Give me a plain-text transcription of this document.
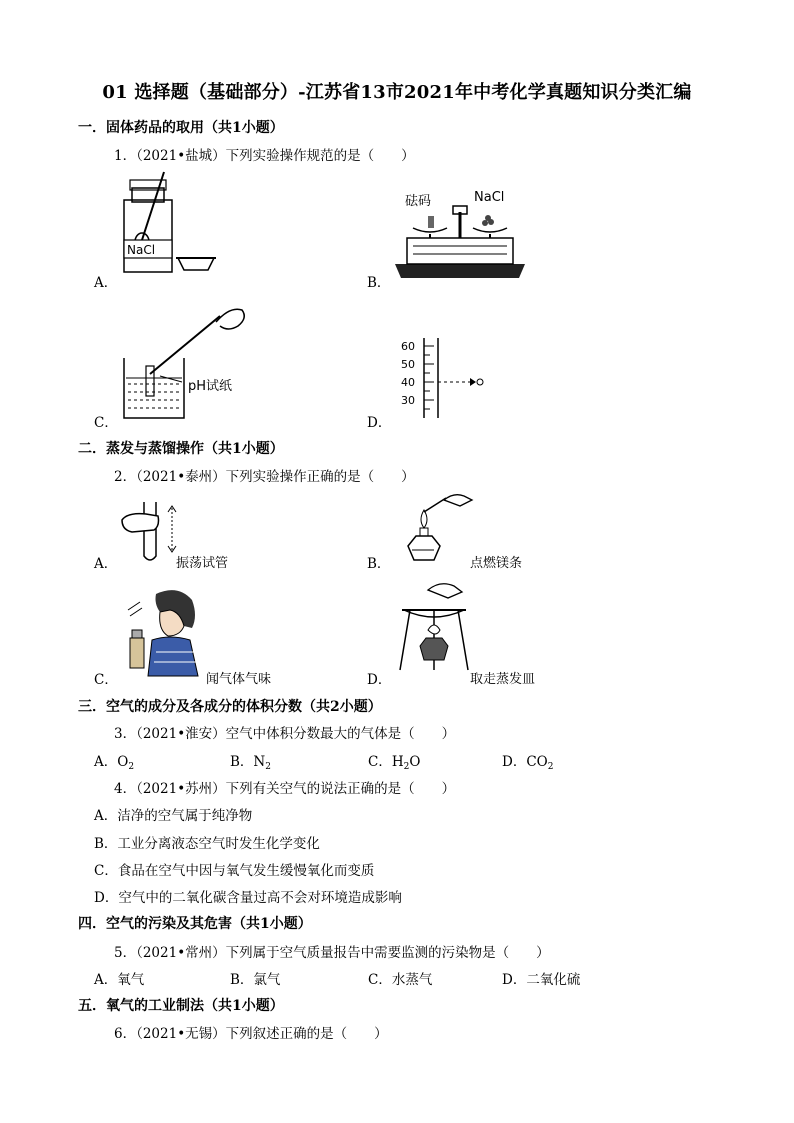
01 选择题（基础部分）-江苏省13市2021年中考化学真题知识分类汇编
一．固体药品的取用（共1小题）
1．（2021•盐城）下列实验操作规范的是（　　）
NaCl
A．
砝码	NaCl
B．
pH试纸
C．
60
50
40
30
D．
二．蒸发与蒸馏操作（共1小题）
2．（2021•泰州）下列实验操作正确的是（　　）
振荡试管
A．	点燃镁条
B．
闻气体气味
C．	取走蒸发皿
D．
三．空气的成分及各成分的体积分数（共2小题）
3．（2021•淮安）空气中体积分数最大的气体是（　　）
A．$O_2$	B．$N_2$	C．$H_2O$	D．$CO_2$
4．（2021•苏州）下列有关空气的说法正确的是（　　）
A．洁净的空气属于纯净物
B．工业分离液态空气时发生化学变化
C．食品在空气中因与氧气发生缓慢氧化而变质
D．空气中的二氧化碳含量过高不会对环境造成影响
四．空气的污染及其危害（共1小题）
5．（2021•常州）下列属于空气质量报告中需要监测的污染物是（　　）
A．氧气	B．氯气	C．水蒸气	D．二氧化硫
五．氧气的工业制法（共1小题）
6．（2021•无锡）下列叙述正确的是（　　）
